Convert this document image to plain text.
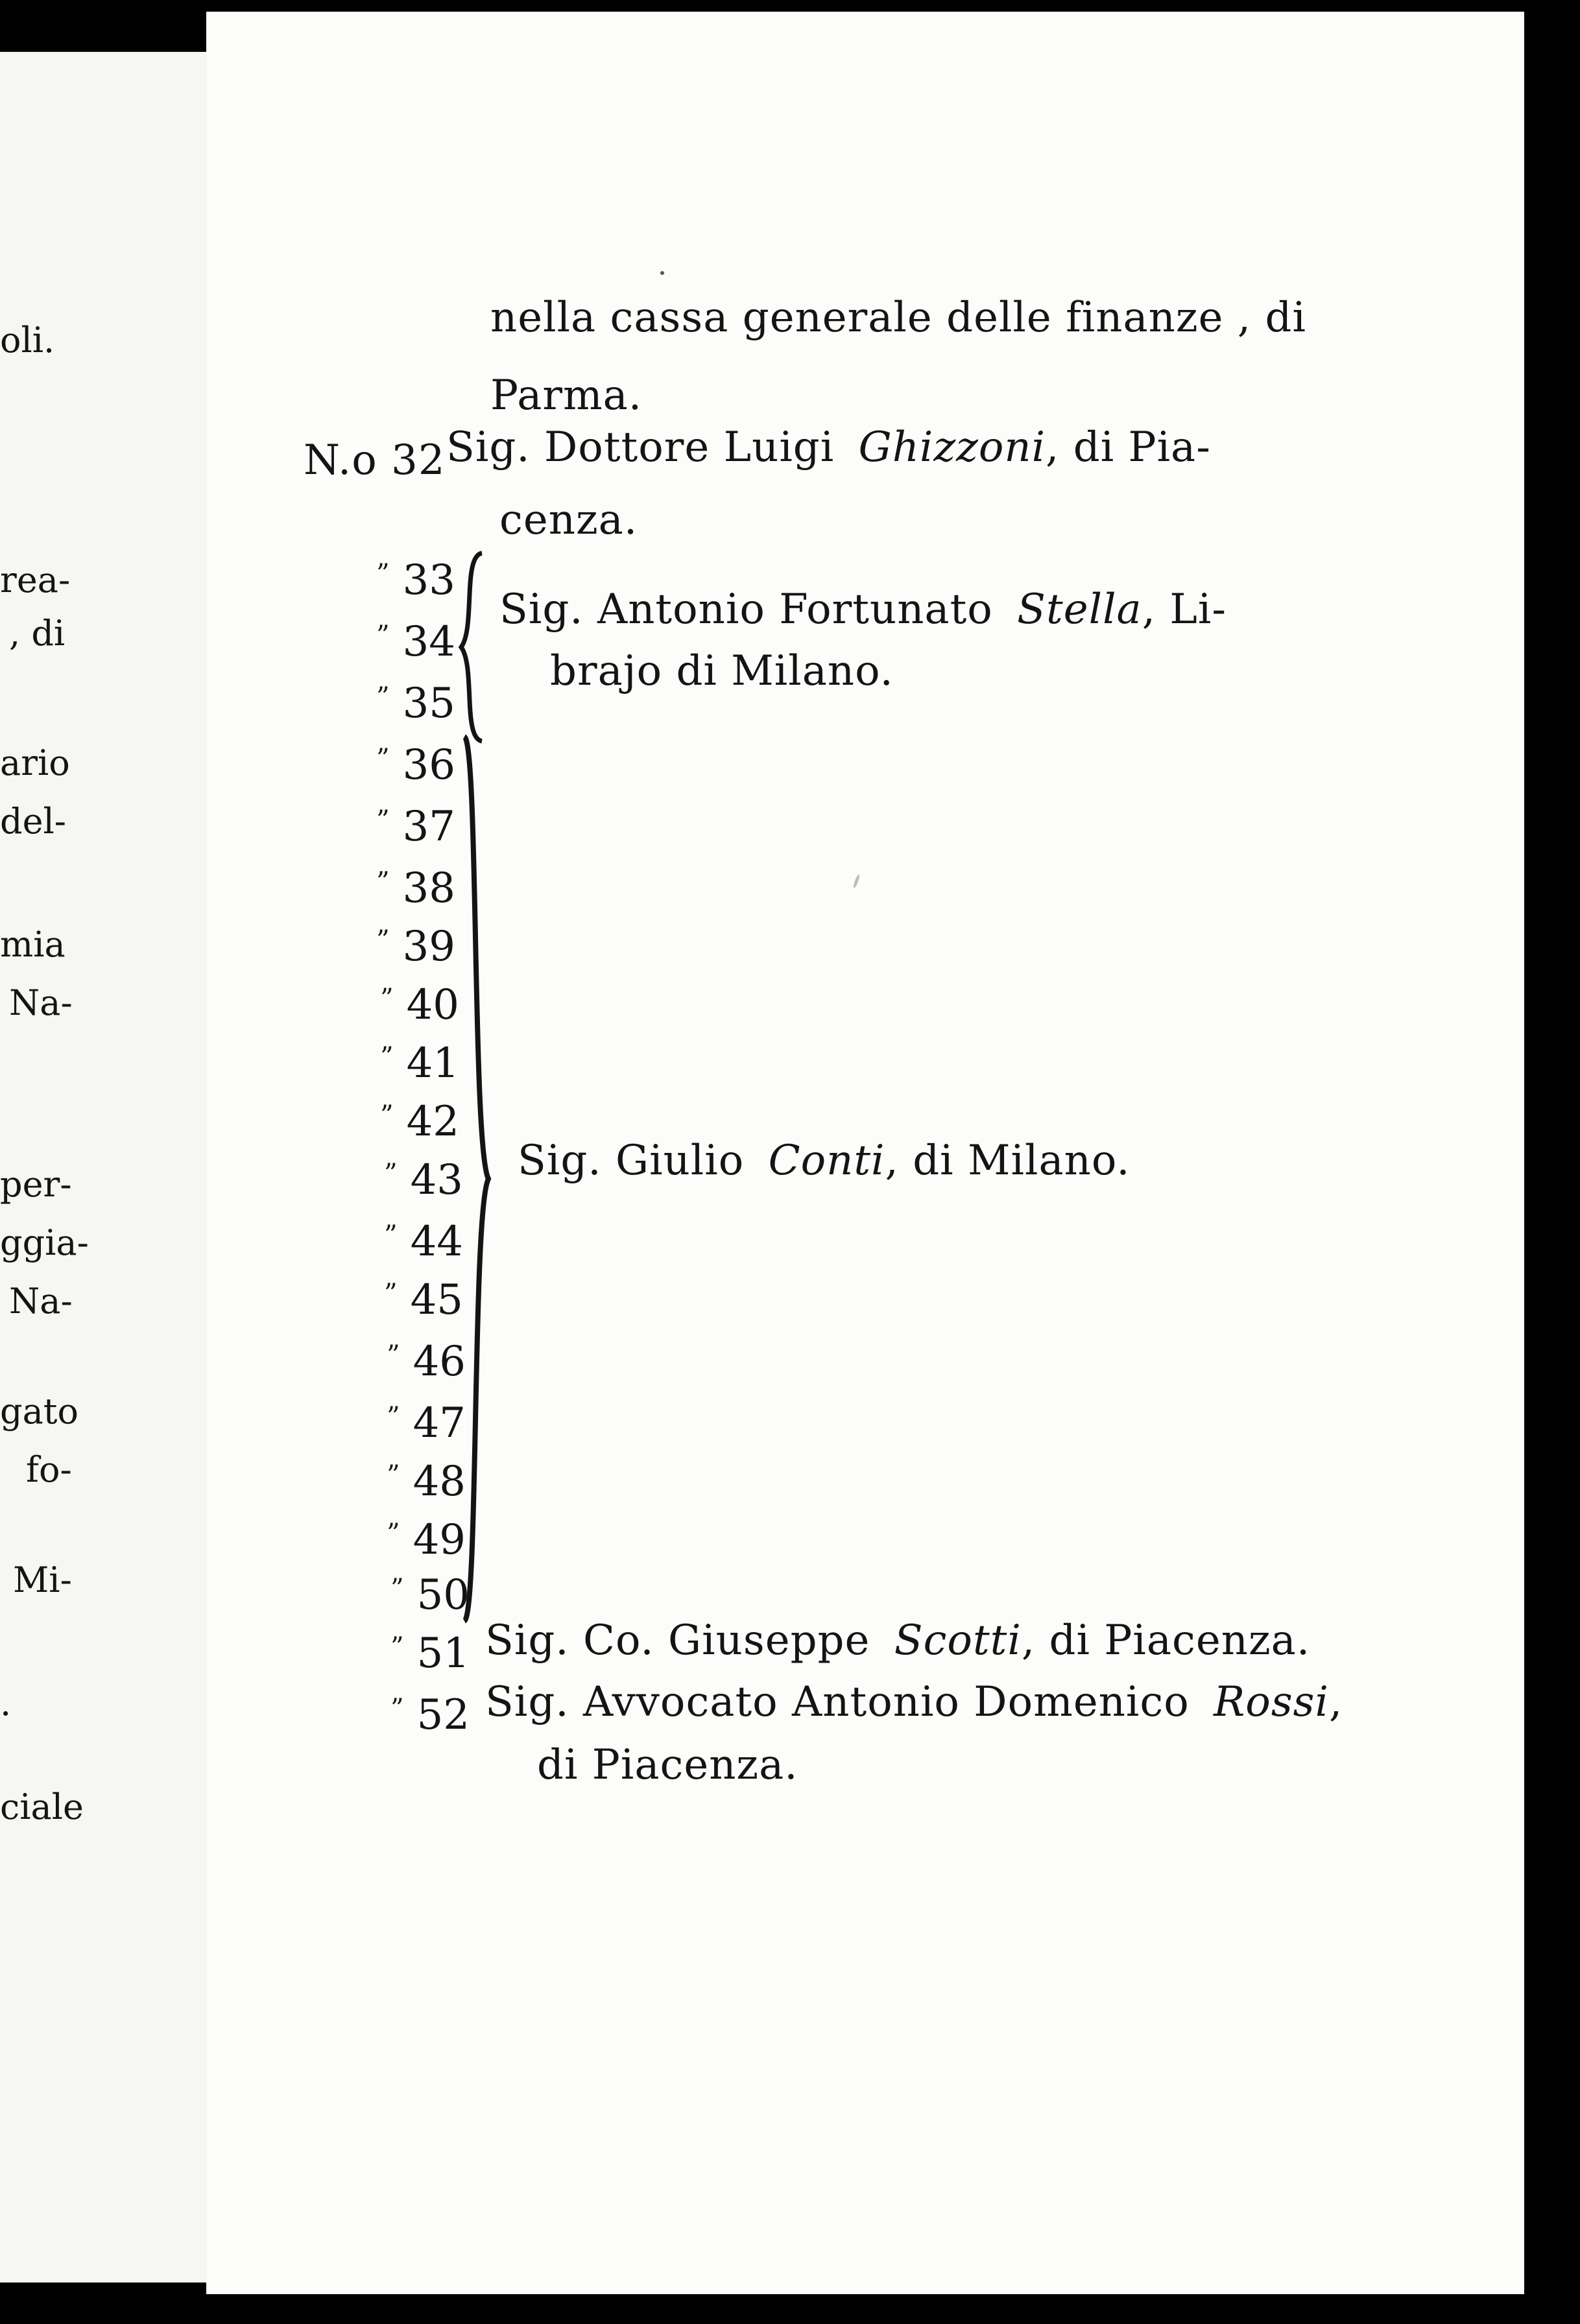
oli.
rea-
, di
ario
del-
mia
Na-
per-
ggia-
Na-
gato
fo-
Mi-
.
ciale
nella cassa generale delle finanze , di
Parma.
N.o 32 Sig. Dottore Luigi Ghizzoni, di Pia-
cenza.
” 33
” 34
” 35
Sig. Antonio Fortunato Stella, Li-
brajo di Milano.
” 36
” 37
” 38
” 39
” 40
” 41
” 42
” 43
” 44
” 45
” 46
” 47
” 48
” 49
” 50
Sig. Giulio Conti, di Milano.
” 51 Sig. Co. Giuseppe Scotti, di Piacenza.
” 52 Sig. Avvocato Antonio Domenico Rossi,
di Piacenza.
